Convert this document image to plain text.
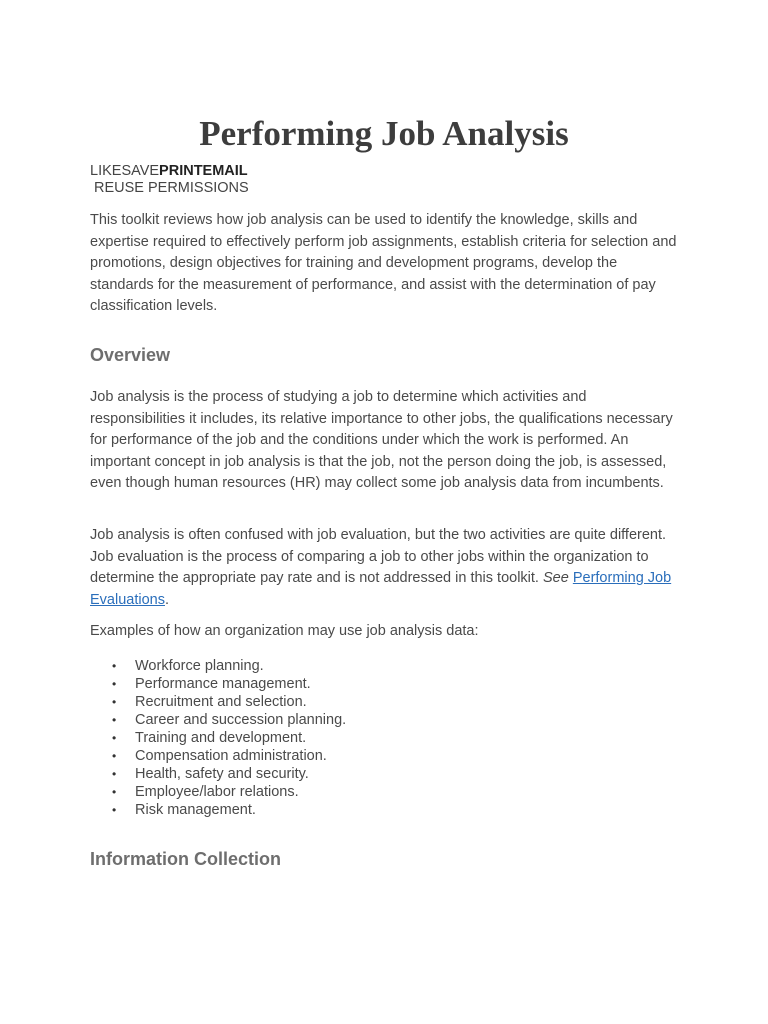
Performing Job Analysis
LIKESAVEPRINTEMAIL
REUSE PERMISSIONS

This toolkit reviews how job analysis can be used to identify the knowledge, skills and expertise required to effectively perform job assignments, establish criteria for selection and promotions, design objectives for training and development programs, develop the standards for the measurement of performance, and assist with the determination of pay classification levels.

Overview

Job analysis is the process of studying a job to determine which activities and responsibilities it includes, its relative importance to other jobs, the qualifications necessary for performance of the job and the conditions under which the work is performed. An important concept in job analysis is that the job, not the person doing the job, is assessed, even though human resources (HR) may collect some job analysis data from incumbents.

Job analysis is often confused with job evaluation, but the two activities are quite different. Job evaluation is the process of comparing a job to other jobs within the organization to determine the appropriate pay rate and is not addressed in this toolkit. See Performing Job Evaluations.

Examples of how an organization may use job analysis data:

• Workforce planning.
• Performance management.
• Recruitment and selection.
• Career and succession planning.
• Training and development.
• Compensation administration.
• Health, safety and security.
• Employee/labor relations.
• Risk management.
Information Collection
